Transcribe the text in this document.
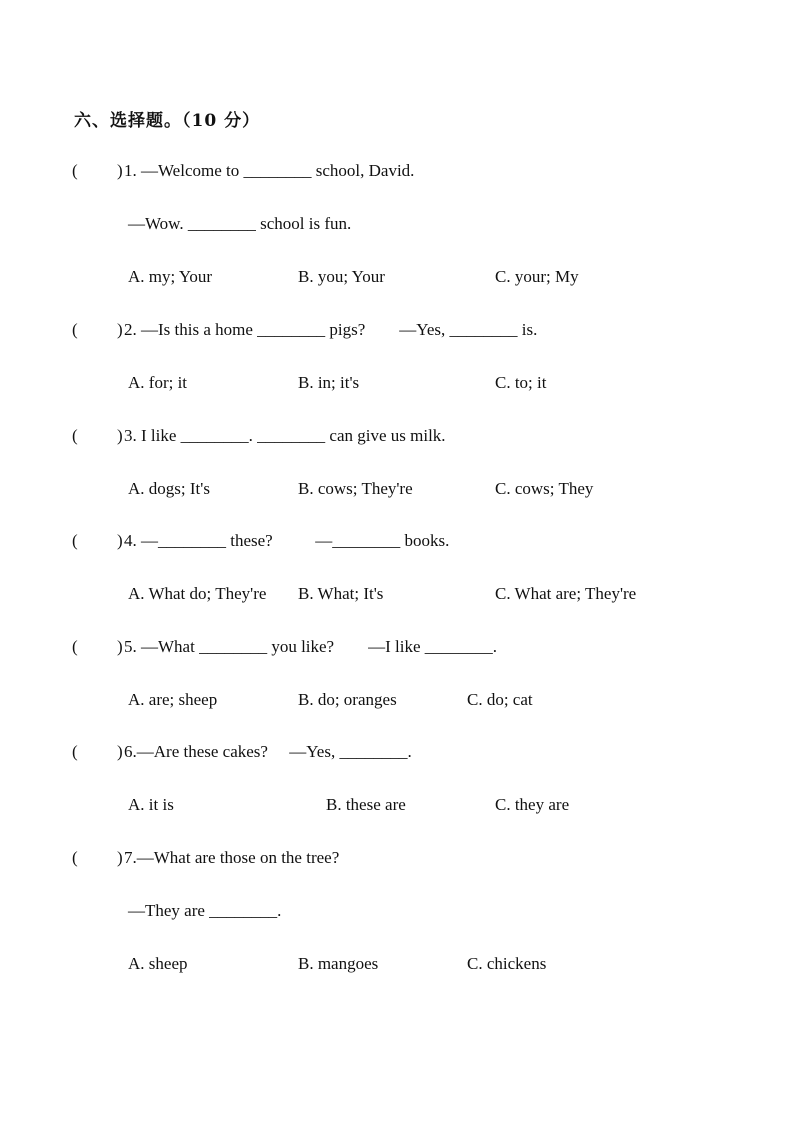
六、选择题。（10 分）
( ) 1. —Welcome to ________ school, David.
—Wow. ________ school is fun.
A. my; Your	B. you; Your	C. your; My
( ) 2. —Is this a home ________ pigs?        —Yes, ________ is.
A. for; it	B. in; it's	C. to; it
( ) 3. I like ________. ________ can give us milk.
A. dogs; It's	B. cows; They're	C. cows; They
( ) 4. —________ these?          —________ books.
A. What do; They're B. What; It's	C. What are; They're
( ) 5. —What ________ you like?        —I like ________.
A. are; sheep	B. do; oranges	C. do; cat
( ) 6.—Are these cakes?     —Yes, ________.
A. it is	B. these are	C. they are
( ) 7.—What are those on the tree?
—They are ________.
A. sheep	B. mangoes	C. chickens
